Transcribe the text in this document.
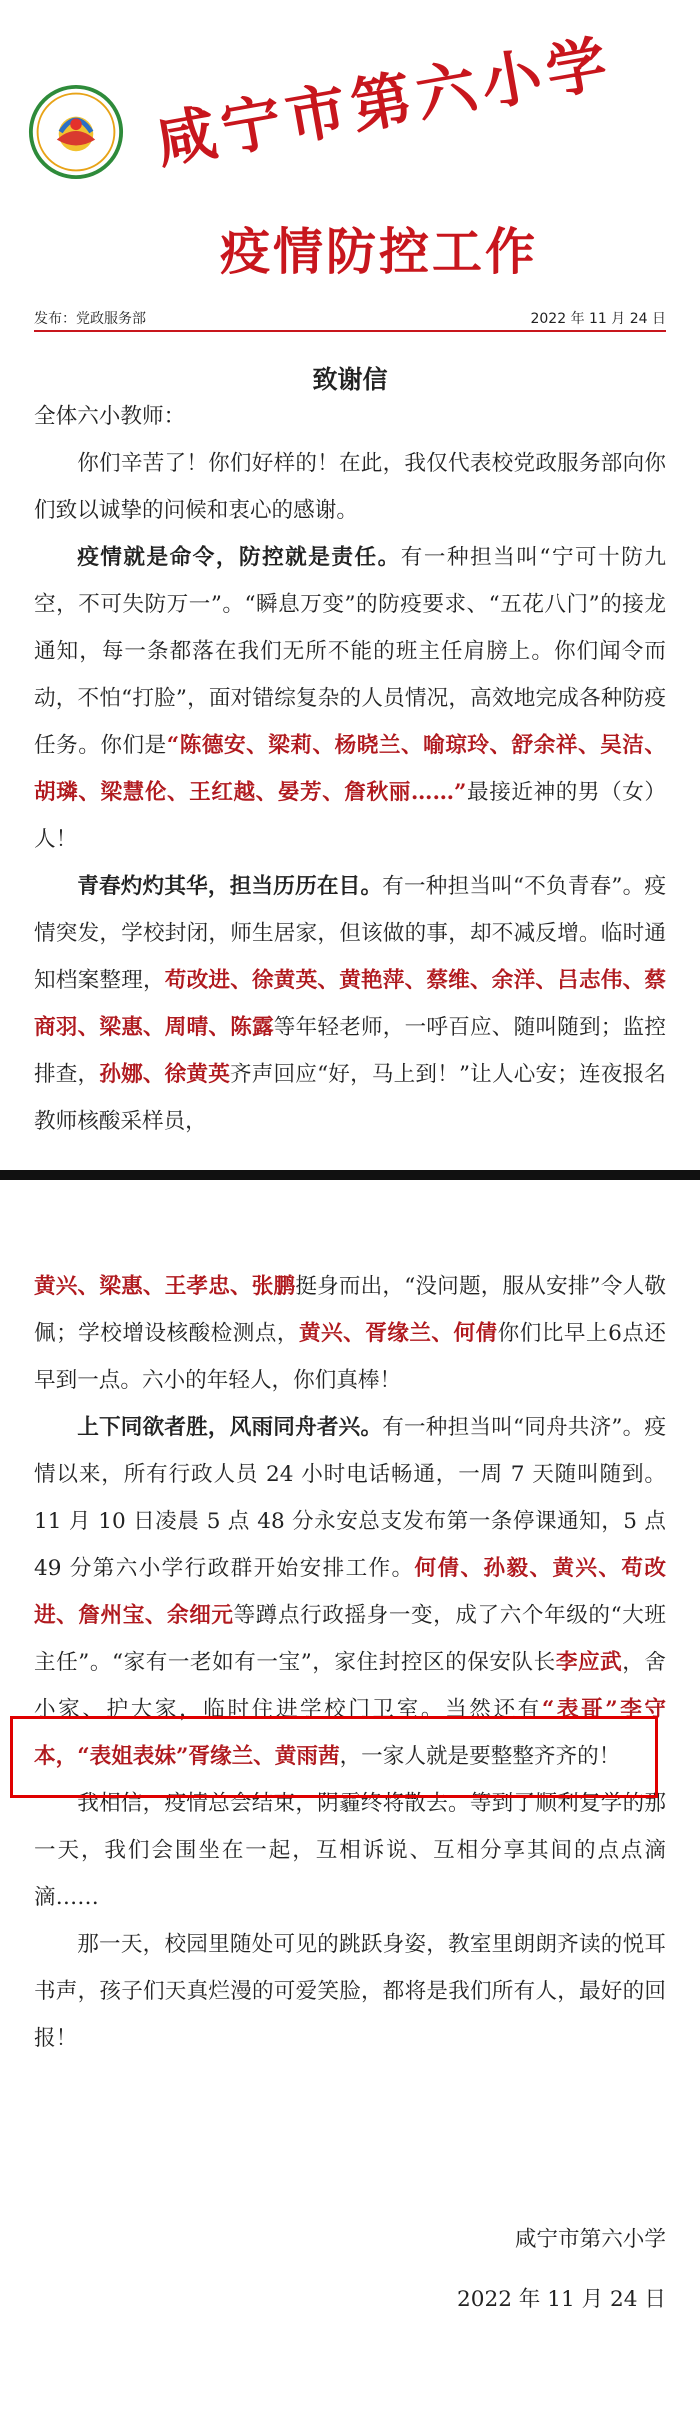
咸宁市第六小学
疫情防控工作
发布：党政服务部	2022 年 11 月 24 日
致谢信

全体六小教师：

你们辛苦了！你们好样的！在此，我仅代表校党政服务部向你们致以诚挚的问候和衷心的感谢。

疫情就是命令，防控就是责任。有一种担当叫“宁可十防九空，不可失防万一”。“瞬息万变”的防疫要求、“五花八门”的接龙通知，每一条都落在我们无所不能的班主任肩膀上。你们闻令而动，不怕“打脸”，面对错综复杂的人员情况，高效地完成各种防疫任务。你们是“陈德安、梁莉、杨晓兰、喻琼玲、舒余祥、吴洁、胡璘、梁慧伦、王红越、晏芳、詹秋丽……”最接近神的男（女）人！

青春灼灼其华，担当历历在目。有一种担当叫“不负青春”。疫情突发，学校封闭，师生居家，但该做的事，却不减反增。临时通知档案整理，苟改进、徐黄英、黄艳萍、蔡维、余洋、吕志伟、蔡商羽、梁惠、周晴、陈露等年轻老师，一呼百应、随叫随到；监控排查，孙娜、徐黄英齐声回应“好，马上到！”让人心安；连夜报名教师核酸采样员，

黄兴、梁惠、王孝忠、张鹏挺身而出，“没问题，服从安排”令人敬佩；学校增设核酸检测点，黄兴、胥缘兰、何倩你们比早上6点还早到一点。六小的年轻人，你们真棒！

上下同欲者胜，风雨同舟者兴。有一种担当叫“同舟共济”。疫情以来，所有行政人员 24 小时电话畅通，一周 7 天随叫随到。11 月 10 日凌晨 5 点 48 分永安总支发布第一条停课通知，5 点 49 分第六小学行政群开始安排工作。何倩、孙毅、黄兴、苟改进、詹州宝、余细元等蹲点行政摇身一变，成了六个年级的“大班主任”。“家有一老如有一宝”，家住封控区的保安队长李应武，舍小家、护大家，临时住进学校门卫室。当然还有“表哥”李守本，“表姐表妹”胥缘兰、黄雨茜，一家人就是要整整齐齐的！

我相信，疫情总会结束，阴霾终将散去。等到了顺利复学的那一天，我们会围坐在一起，互相诉说、互相分享其间的点点滴滴……

那一天，校园里随处可见的跳跃身姿，教室里朗朗齐读的悦耳书声，孩子们天真烂漫的可爱笑脸，都将是我们所有人，最好的回报！

咸宁市第六小学
2022 年 11 月 24 日
